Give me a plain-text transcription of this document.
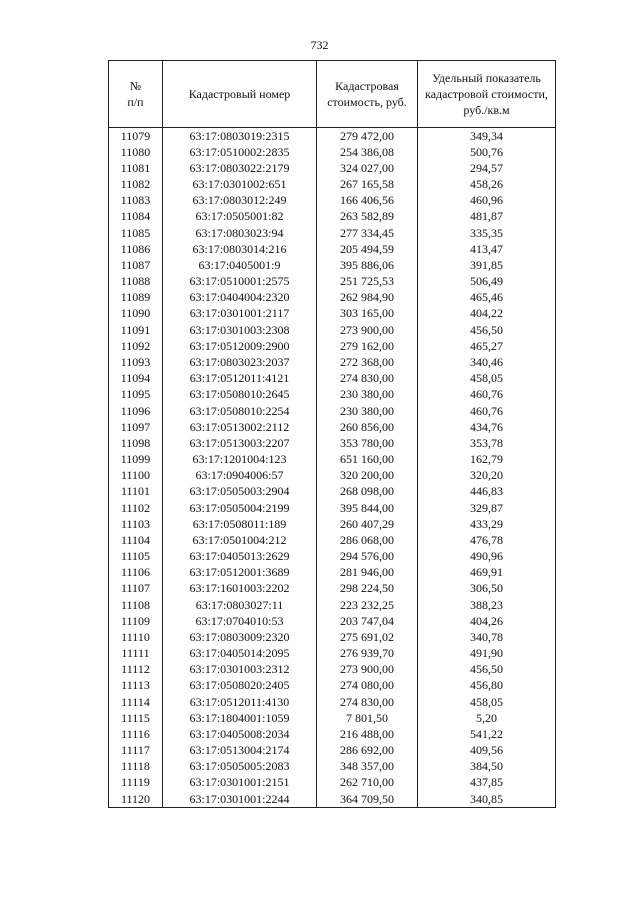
732
№
п/п	Кадастровый номер	Кадастровая стоимость, руб.	Удельный показатель кадастровой стоимости, руб./кв.м
11079	63:17:0803019:2315	279 472,00	349,34
11080	63:17:0510002:2835	254 386,08	500,76
11081	63:17:0803022:2179	324 027,00	294,57
11082	63:17:0301002:651	267 165,58	458,26
11083	63:17:0803012:249	166 406,56	460,96
11084	63:17:0505001:82	263 582,89	481,87
11085	63:17:0803023:94	277 334,45	335,35
11086	63:17:0803014:216	205 494,59	413,47
11087	63:17:0405001:9	395 886,06	391,85
11088	63:17:0510001:2575	251 725,53	506,49
11089	63:17:0404004:2320	262 984,90	465,46
11090	63:17:0301001:2117	303 165,00	404,22
11091	63:17:0301003:2308	273 900,00	456,50
11092	63:17:0512009:2900	279 162,00	465,27
11093	63:17:0803023:2037	272 368,00	340,46
11094	63:17:0512011:4121	274 830,00	458,05
11095	63:17:0508010:2645	230 380,00	460,76
11096	63:17:0508010:2254	230 380,00	460,76
11097	63:17:0513002:2112	260 856,00	434,76
11098	63:17:0513003:2207	353 780,00	353,78
11099	63:17:1201004:123	651 160,00	162,79
11100	63:17:0904006:57	320 200,00	320,20
11101	63:17:0505003:2904	268 098,00	446,83
11102	63:17:0505004:2199	395 844,00	329,87
11103	63:17:0508011:189	260 407,29	433,29
11104	63:17:0501004:212	286 068,00	476,78
11105	63:17:0405013:2629	294 576,00	490,96
11106	63:17:0512001:3689	281 946,00	469,91
11107	63:17:1601003:2202	298 224,50	306,50
11108	63:17:0803027:11	223 232,25	388,23
11109	63:17:0704010:53	203 747,04	404,26
11110	63:17:0803009:2320	275 691,02	340,78
11111	63:17:0405014:2095	276 939,70	491,90
11112	63:17:0301003:2312	273 900,00	456,50
11113	63:17:0508020:2405	274 080,00	456,80
11114	63:17:0512011:4130	274 830,00	458,05
11115	63:17:1804001:1059	7 801,50	5,20
11116	63:17:0405008:2034	216 488,00	541,22
11117	63:17:0513004:2174	286 692,00	409,56
11118	63:17:0505005:2083	348 357,00	384,50
11119	63:17:0301001:2151	262 710,00	437,85
11120	63:17:0301001:2244	364 709,50	340,85
